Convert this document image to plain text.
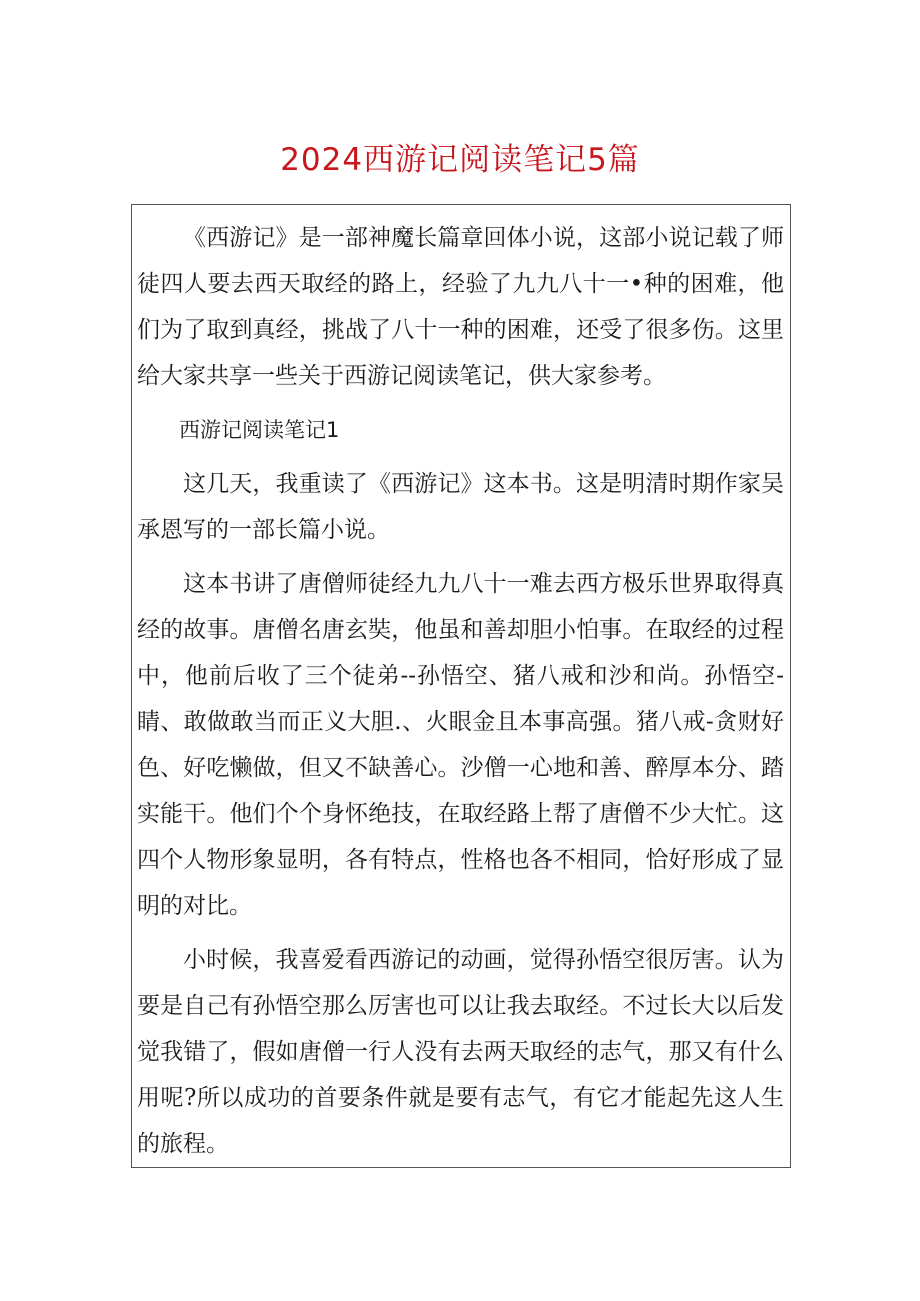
2024西游记阅读笔记5篇

《西游记》是一部神魔长篇章回体小说，这部小说记载了师徒四人要去西天取经的路上，经验了九九八十一•种的困难，他们为了取到真经，挑战了八十一种的困难，还受了很多伤。这里给大家共享一些关于西游记阅读笔记，供大家参考。

西游记阅读笔记1

这几天，我重读了《西游记》这本书。这是明清时期作家吴承恩写的一部长篇小说。

这本书讲了唐僧师徒经九九八十一难去西方极乐世界取得真经的故事。唐僧名唐玄奘，他虽和善却胆小怕事。在取经的过程中，他前后收了三个徒弟--孙悟空、猪八戒和沙和尚。孙悟空-睛、敢做敢当而正义大胆.、火眼金且本事高强。猪八戒-贪财好色、好吃懒做，但又不缺善心。沙僧一心地和善、醉厚本分、踏实能干。他们个个身怀绝技，在取经路上帮了唐僧不少大忙。这四个人物形象显明，各有特点，性格也各不相同，恰好形成了显明的对比。

小时候，我喜爱看西游记的动画，觉得孙悟空很厉害。认为要是自己有孙悟空那么厉害也可以让我去取经。不过长大以后发觉我错了，假如唐僧一行人没有去两天取经的志气，那又有什么用呢?所以成功的首要条件就是要有志气，有它才能起先这人生的旅程。
